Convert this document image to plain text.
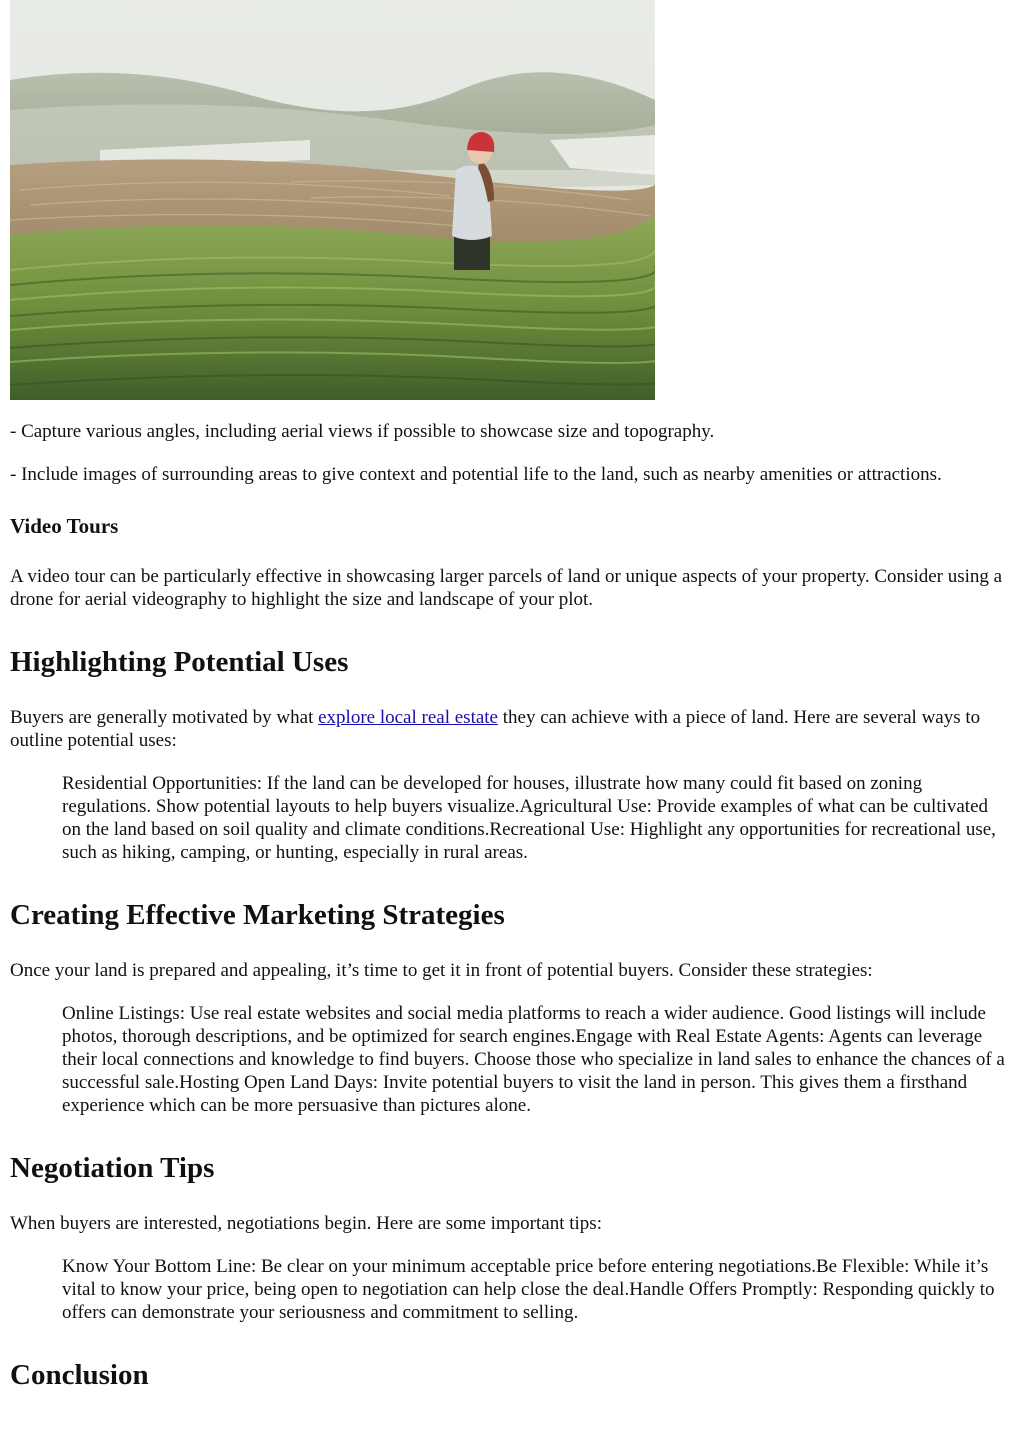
- Capture various angles, including aerial views if possible to showcase size and topography.

- Include images of surrounding areas to give context and potential life to the land, such as nearby amenities or attractions.

Video Tours

A video tour can be particularly effective in showcasing larger parcels of land or unique aspects of your property. Consider using a drone for aerial videography to highlight the size and landscape of your plot.

Highlighting Potential Uses

Buyers are generally motivated by what explore local real estate they can achieve with a piece of land. Here are several ways to outline potential uses:

Residential Opportunities: If the land can be developed for houses, illustrate how many could fit based on zoning regulations. Show potential layouts to help buyers visualize.Agricultural Use: Provide examples of what can be cultivated on the land based on soil quality and climate conditions.Recreational Use: Highlight any opportunities for recreational use, such as hiking, camping, or hunting, especially in rural areas.
Creating Effective Marketing Strategies

Once your land is prepared and appealing, it’s time to get it in front of potential buyers. Consider these strategies:

Online Listings: Use real estate websites and social media platforms to reach a wider audience. Good listings will include photos, thorough descriptions, and be optimized for search engines.Engage with Real Estate Agents: Agents can leverage their local connections and knowledge to find buyers. Choose those who specialize in land sales to enhance the chances of a successful sale.Hosting Open Land Days: Invite potential buyers to visit the land in person. This gives them a firsthand experience which can be more persuasive than pictures alone.
Negotiation Tips

When buyers are interested, negotiations begin. Here are some important tips:

Know Your Bottom Line: Be clear on your minimum acceptable price before entering negotiations.Be Flexible: While it’s vital to know your price, being open to negotiation can help close the deal.Handle Offers Promptly: Responding quickly to offers can demonstrate your seriousness and commitment to selling.
Conclusion
